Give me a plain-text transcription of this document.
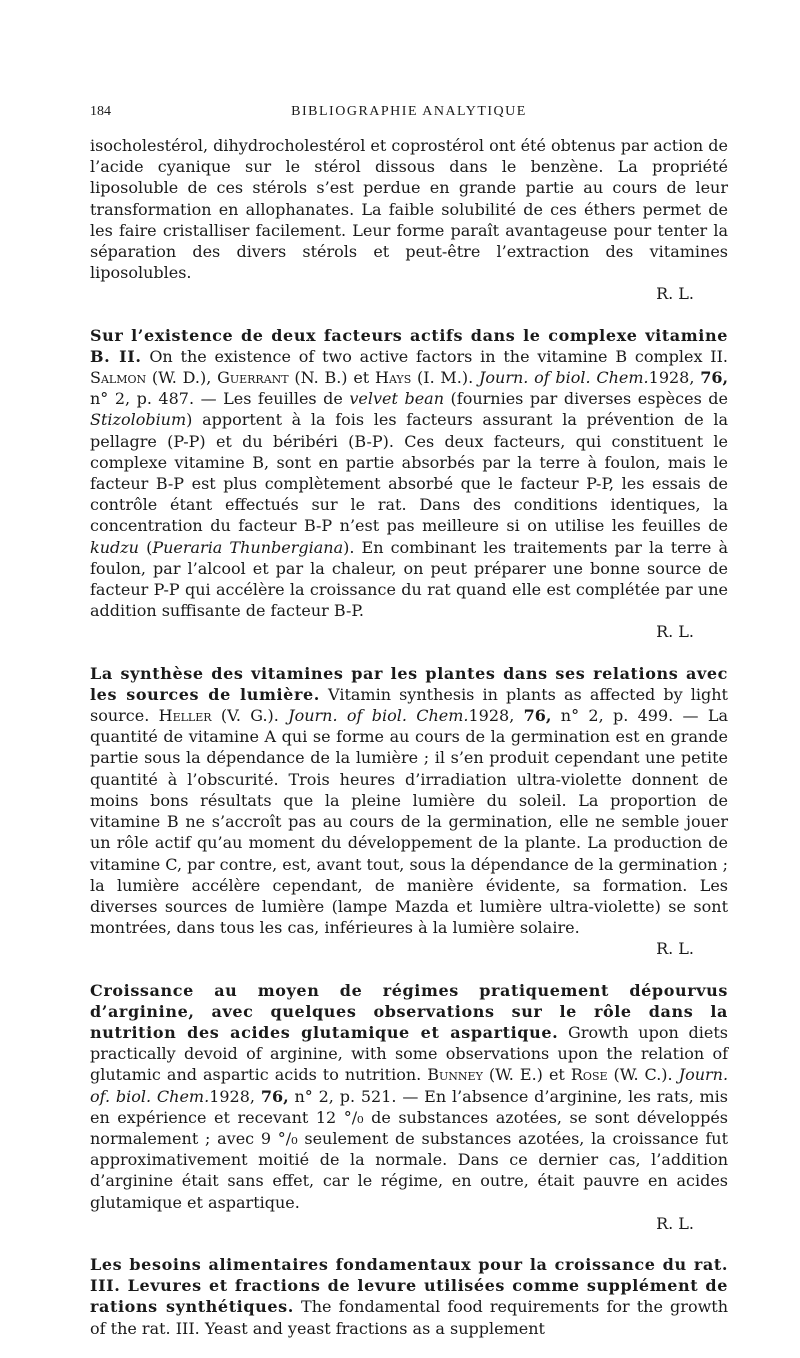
184	BIBLIOGRAPHIE ANALYTIQUE

isocholestérol, dihydrocholestérol et coprostérol ont été obtenus par action de l’acide cyanique sur le stérol dissous dans le benzène. La propriété liposoluble de ces stérols s’est perdue en grande partie au cours de leur transformation en allophanates. La faible solubilité de ces éthers permet de les faire cristalliser facilement. Leur forme paraît avantageuse pour tenter la séparation des divers stérols et peut-être l’extraction des vitamines liposolubles.
R. L.

Sur l’existence de deux facteurs actifs dans le complexe vitamine B. II. On the existence of two active factors in the vitamine B complex II. Salmon (W. D.), Guerrant (N. B.) et Hays (I. M.). Journ. of biol. Chem.1928, 76, n° 2, p. 487. — Les feuilles de velvet bean (fournies par diverses espèces de Stizolobium) apportent à la fois les facteurs assurant la prévention de la pellagre (P-P) et du béribéri (B-P). Ces deux facteurs, qui constituent le complexe vitamine B, sont en partie absorbés par la terre à foulon, mais le facteur B-P est plus complètement absorbé que le facteur P-P, les essais de contrôle étant effectués sur le rat. Dans des conditions identiques, la concentration du facteur B-P n’est pas meilleure si on utilise les feuilles de kudzu (Pueraria Thunbergiana). En combinant les traitements par la terre à foulon, par l’alcool et par la chaleur, on peut préparer une bonne source de facteur P-P qui accélère la croissance du rat quand elle est complétée par une addition suffisante de facteur B-P.
R. L.

La synthèse des vitamines par les plantes dans ses relations avec les sources de lumière. Vitamin synthesis in plants as affected by light source. Heller (V. G.). Journ. of biol. Chem.1928, 76, n° 2, p. 499. — La quantité de vitamine A qui se forme au cours de la germination est en grande partie sous la dépendance de la lumière ; il s’en produit cependant une petite quantité à l’obscurité. Trois heures d’irradiation ultra-violette donnent de moins bons résultats que la pleine lumière du soleil. La proportion de vitamine B ne s’accroît pas au cours de la germination, elle ne semble jouer un rôle actif qu’au moment du développement de la plante. La production de vitamine C, par contre, est, avant tout, sous la dépendance de la germination ; la lumière accélère cependant, de manière évidente, sa formation. Les diverses sources de lumière (lampe Mazda et lumière ultra-violette) se sont montrées, dans tous les cas, inférieures à la lumière solaire.
R. L.

Croissance au moyen de régimes pratiquement dépourvus d’arginine, avec quelques observations sur le rôle dans la nutrition des acides glutamique et aspartique. Growth upon diets practically devoid of arginine, with some observations upon the relation of glutamic and aspartic acids to nutrition. Bunney (W. E.) et Rose (W. C.). Journ. of. biol. Chem.1928, 76, n° 2, p. 521. — En l’absence d’arginine, les rats, mis en expérience et recevant 12 °/₀ de substances azotées, se sont développés normalement ; avec 9 °/₀ seulement de substances azotées, la croissance fut approximativement moitié de la normale. Dans ce dernier cas, l’addition d’arginine était sans effet, car le régime, en outre, était pauvre en acides glutamique et aspartique.
R. L.

Les besoins alimentaires fondamentaux pour la croissance du rat. III. Levures et fractions de levure utilisées comme supplément de rations synthétiques. The fondamental food requirements for the growth of the rat. III. Yeast and yeast fractions as a supplement
